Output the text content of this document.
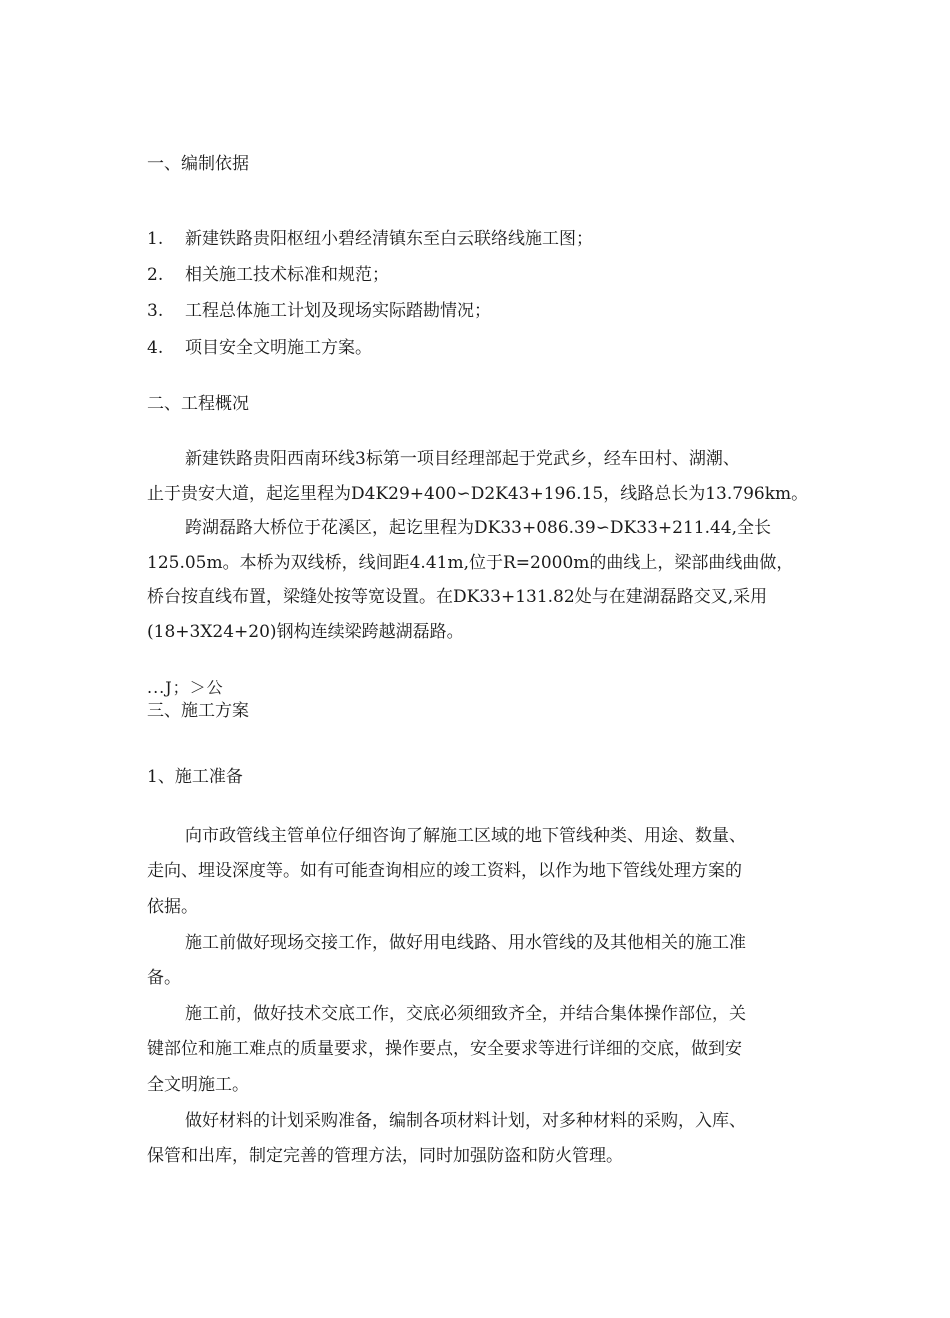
一、编制依据
1. 新建铁路贵阳枢纽小碧经清镇东至白云联络线施工图；
2. 相关施工技术标准和规范；
3. 工程总体施工计划及现场实际踏勘情况；
4. 项目安全文明施工方案。
二、工程概况
新建铁路贵阳西南环线3标第一项目经理部起于党武乡，经车田村、湖潮、
止于贵安大道，起迄里程为D4K29+400∽D2K43+196.15，线路总长为13.796km。
跨湖磊路大桥位于花溪区，起讫里程为DK33+086.39∽DK33+211.44,全长
125.05m。本桥为双线桥，线间距4.41m,位于R=2000m的曲线上，梁部曲线曲做，
桥台按直线布置，梁缝处按等宽设置。在DK33+131.82处与在建湖磊路交叉,采用
(18+3X24+20)钢构连续梁跨越湖磊路。
...J；＞公
三、施工方案
1、施工准备
向市政管线主管单位仔细咨询了解施工区域的地下管线种类、用途、数量、
走向、埋设深度等。如有可能查询相应的竣工资料，以作为地下管线处理方案的
依据。
施工前做好现场交接工作，做好用电线路、用水管线的及其他相关的施工准
备。
施工前，做好技术交底工作，交底必须细致齐全，并结合集体操作部位，关
键部位和施工难点的质量要求，操作要点，安全要求等进行详细的交底，做到安
全文明施工。
做好材料的计划采购准备，编制各项材料计划，对多种材料的采购，入库、
保管和出库，制定完善的管理方法，同时加强防盗和防火管理。
